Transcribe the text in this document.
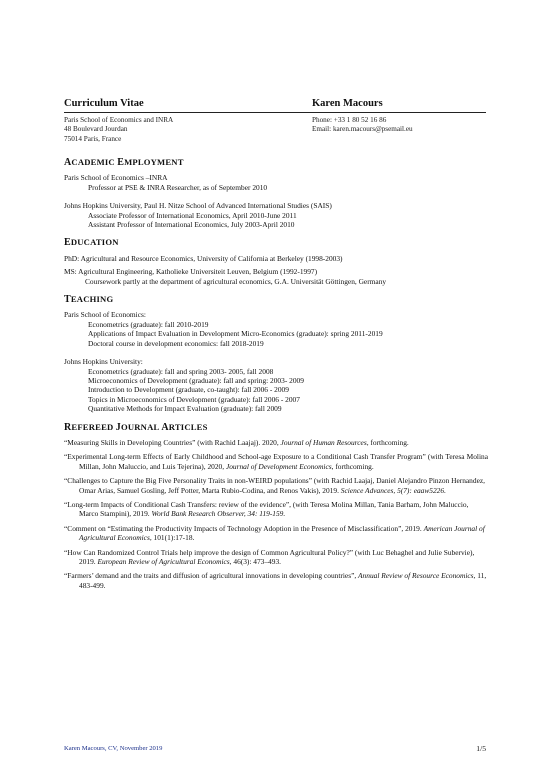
Curriculum Vitae	Karen Macours
Paris School of Economics and INRA
48 Boulevard Jourdan
75014 Paris, France
Phone: +33 1 80 52 16 86
Email: karen.macours@psemail.eu
ACADEMIC EMPLOYMENT
Paris School of Economics –INRA
Professor at PSE & INRA Researcher, as of September 2010
Johns Hopkins University, Paul H. Nitze School of Advanced International Studies (SAIS)
Associate Professor of International Economics, April 2010-June 2011
Assistant Professor of International Economics, July 2003-April 2010
EDUCATION
PhD: Agricultural and Resource Economics, University of California at Berkeley (1998-2003)
MS: Agricultural Engineering, Katholieke Universiteit Leuven, Belgium (1992-1997)
Coursework partly at the department of agricultural economics, G.A. Universität Göttingen, Germany
TEACHING
Paris School of Economics:
Econometrics (graduate): fall 2010-2019
Applications of Impact Evaluation in Development Micro-Economics (graduate): spring 2011-2019
Doctoral course in development economics: fall 2018-2019
Johns Hopkins University:
Econometrics (graduate): fall and spring 2003- 2005, fall 2008
Microeconomics of Development (graduate): fall and spring: 2003- 2009
Introduction to Development (graduate, co-taught): fall 2006 - 2009
Topics in Microeconomics of Development (graduate): fall 2006 - 2007
Quantitative Methods for Impact Evaluation (graduate): fall 2009
REFEREED JOURNAL ARTICLES
“Measuring Skills in Developing Countries” (with Rachid Laajaj). 2020, Journal of Human Resources, forthcoming.
“Experimental Long-term Effects of Early Childhood and School-age Exposure to a Conditional Cash Transfer Program” (with Teresa Molina Millan, John Maluccio, and Luis Tejerina), 2020, Journal of Development Economics, forthcoming.
“Challenges to Capture the Big Five Personality Traits in non-WEIRD populations” (with Rachid Laajaj, Daniel Alejandro Pinzon Hernandez, Omar Arias, Samuel Gosling, Jeff Potter, Marta Rubio-Codina, and Renos Vakis), 2019. Science Advances, 5(7): eaaw5226.
“Long-term Impacts of Conditional Cash Transfers: review of the evidence”, (with Teresa Molina Millan, Tania Barham, John Maluccio, Marco Stampini), 2019. World Bank Research Observer, 34: 119-159.
“Comment on “Estimating the Productivity Impacts of Technology Adoption in the Presence of Misclassification”, 2019. American Journal of Agricultural Economics, 101(1):17-18.
“How Can Randomized Control Trials help improve the design of Common Agricultural Policy?” (with Luc Behaghel and Julie Subervie), 2019. European Review of Agricultural Economics, 46(3): 473–493.
“Farmers’ demand and the traits and diffusion of agricultural innovations in developing countries”, Annual Review of Resource Economics, 11, 483-499.
Karen Macours, CV, November 2019	1/5
